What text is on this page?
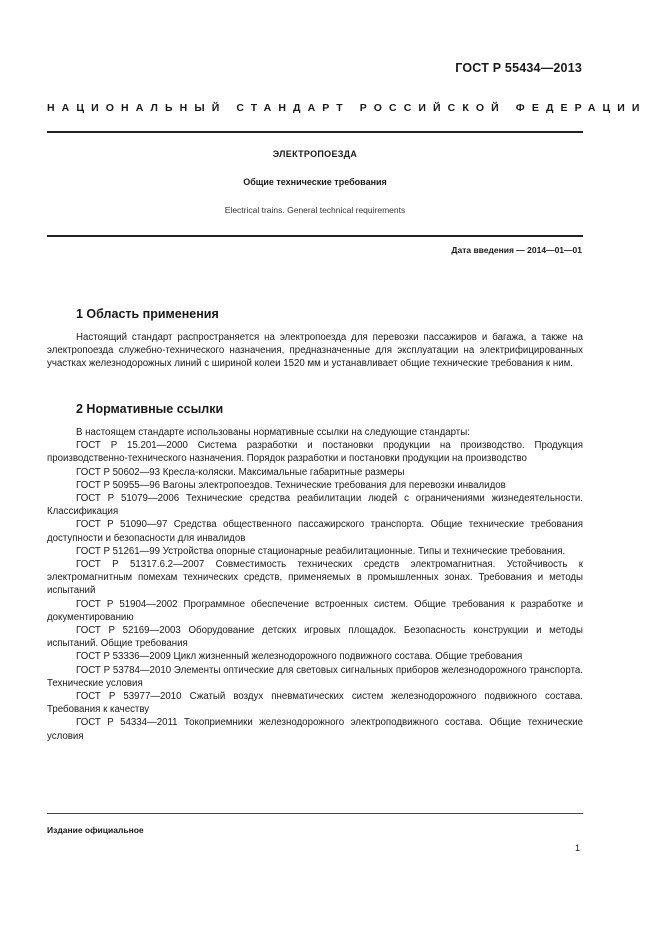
ГОСТ Р 55434—2013
НАЦИОНАЛЬНЫЙ СТАНДАРТ РОССИЙСКОЙ ФЕДЕРАЦИИ
ЭЛЕКТРОПОЕЗДА
Общие технические требования
Electrical trains. General technical requirements
Дата введения — 2014—01—01
1 Область применения

Настоящий стандарт распространяется на электропоезда для перевозки пассажиров и багажа, а также на электропоезда служебно-технического назначения, предназначенные для эксплуатации на электрифицированных участках железнодорожных линий с шириной колеи 1520 мм и устанавливает общие технические требования к ним.

2 Нормативные ссылки

В настоящем стандарте использованы нормативные ссылки на следующие стандарты:

ГОСТ Р 15.201—2000 Система разработки и постановки продукции на производство. Продукция производственно-технического назначения. Порядок разработки и постановки продукции на производство

ГОСТ Р 50602—93 Кресла-коляски. Максимальные габаритные размеры

ГОСТ Р 50955—96 Вагоны электропоездов. Технические требования для перевозки инвалидов

ГОСТ Р 51079—2006 Технические средства реабилитации людей с ограничениями жизнедеятельности. Классификация

ГОСТ Р 51090—97 Средства общественного пассажирского транспорта. Общие технические требования доступности и безопасности для инвалидов

ГОСТ Р 51261—99 Устройства опорные стационарные реабилитационные. Типы и технические требования.

ГОСТ Р 51317.6.2—2007 Совместимость технических средств электромагнитная. Устойчивость к электромагнитным помехам технических средств, применяемых в промышленных зонах. Требования и методы испытаний

ГОСТ Р 51904—2002 Программное обеспечение встроенных систем. Общие требования к разработке и документированию

ГОСТ Р 52169—2003 Оборудование детских игровых площадок. Безопасность конструкции и методы испытаний. Общие требования

ГОСТ Р 53336—2009 Цикл жизненный железнодорожного подвижного состава. Общие требования

ГОСТ Р 53784—2010 Элементы оптические для световых сигнальных приборов железнодорожного транспорта. Технические условия

ГОСТ Р 53977—2010 Сжатый воздух пневматических систем железнодорожного подвижного состава. Требования к качеству

ГОСТ Р 54334—2011 Токоприемники железнодорожного электроподвижного состава. Общие технические условия

Издание официальное
1
